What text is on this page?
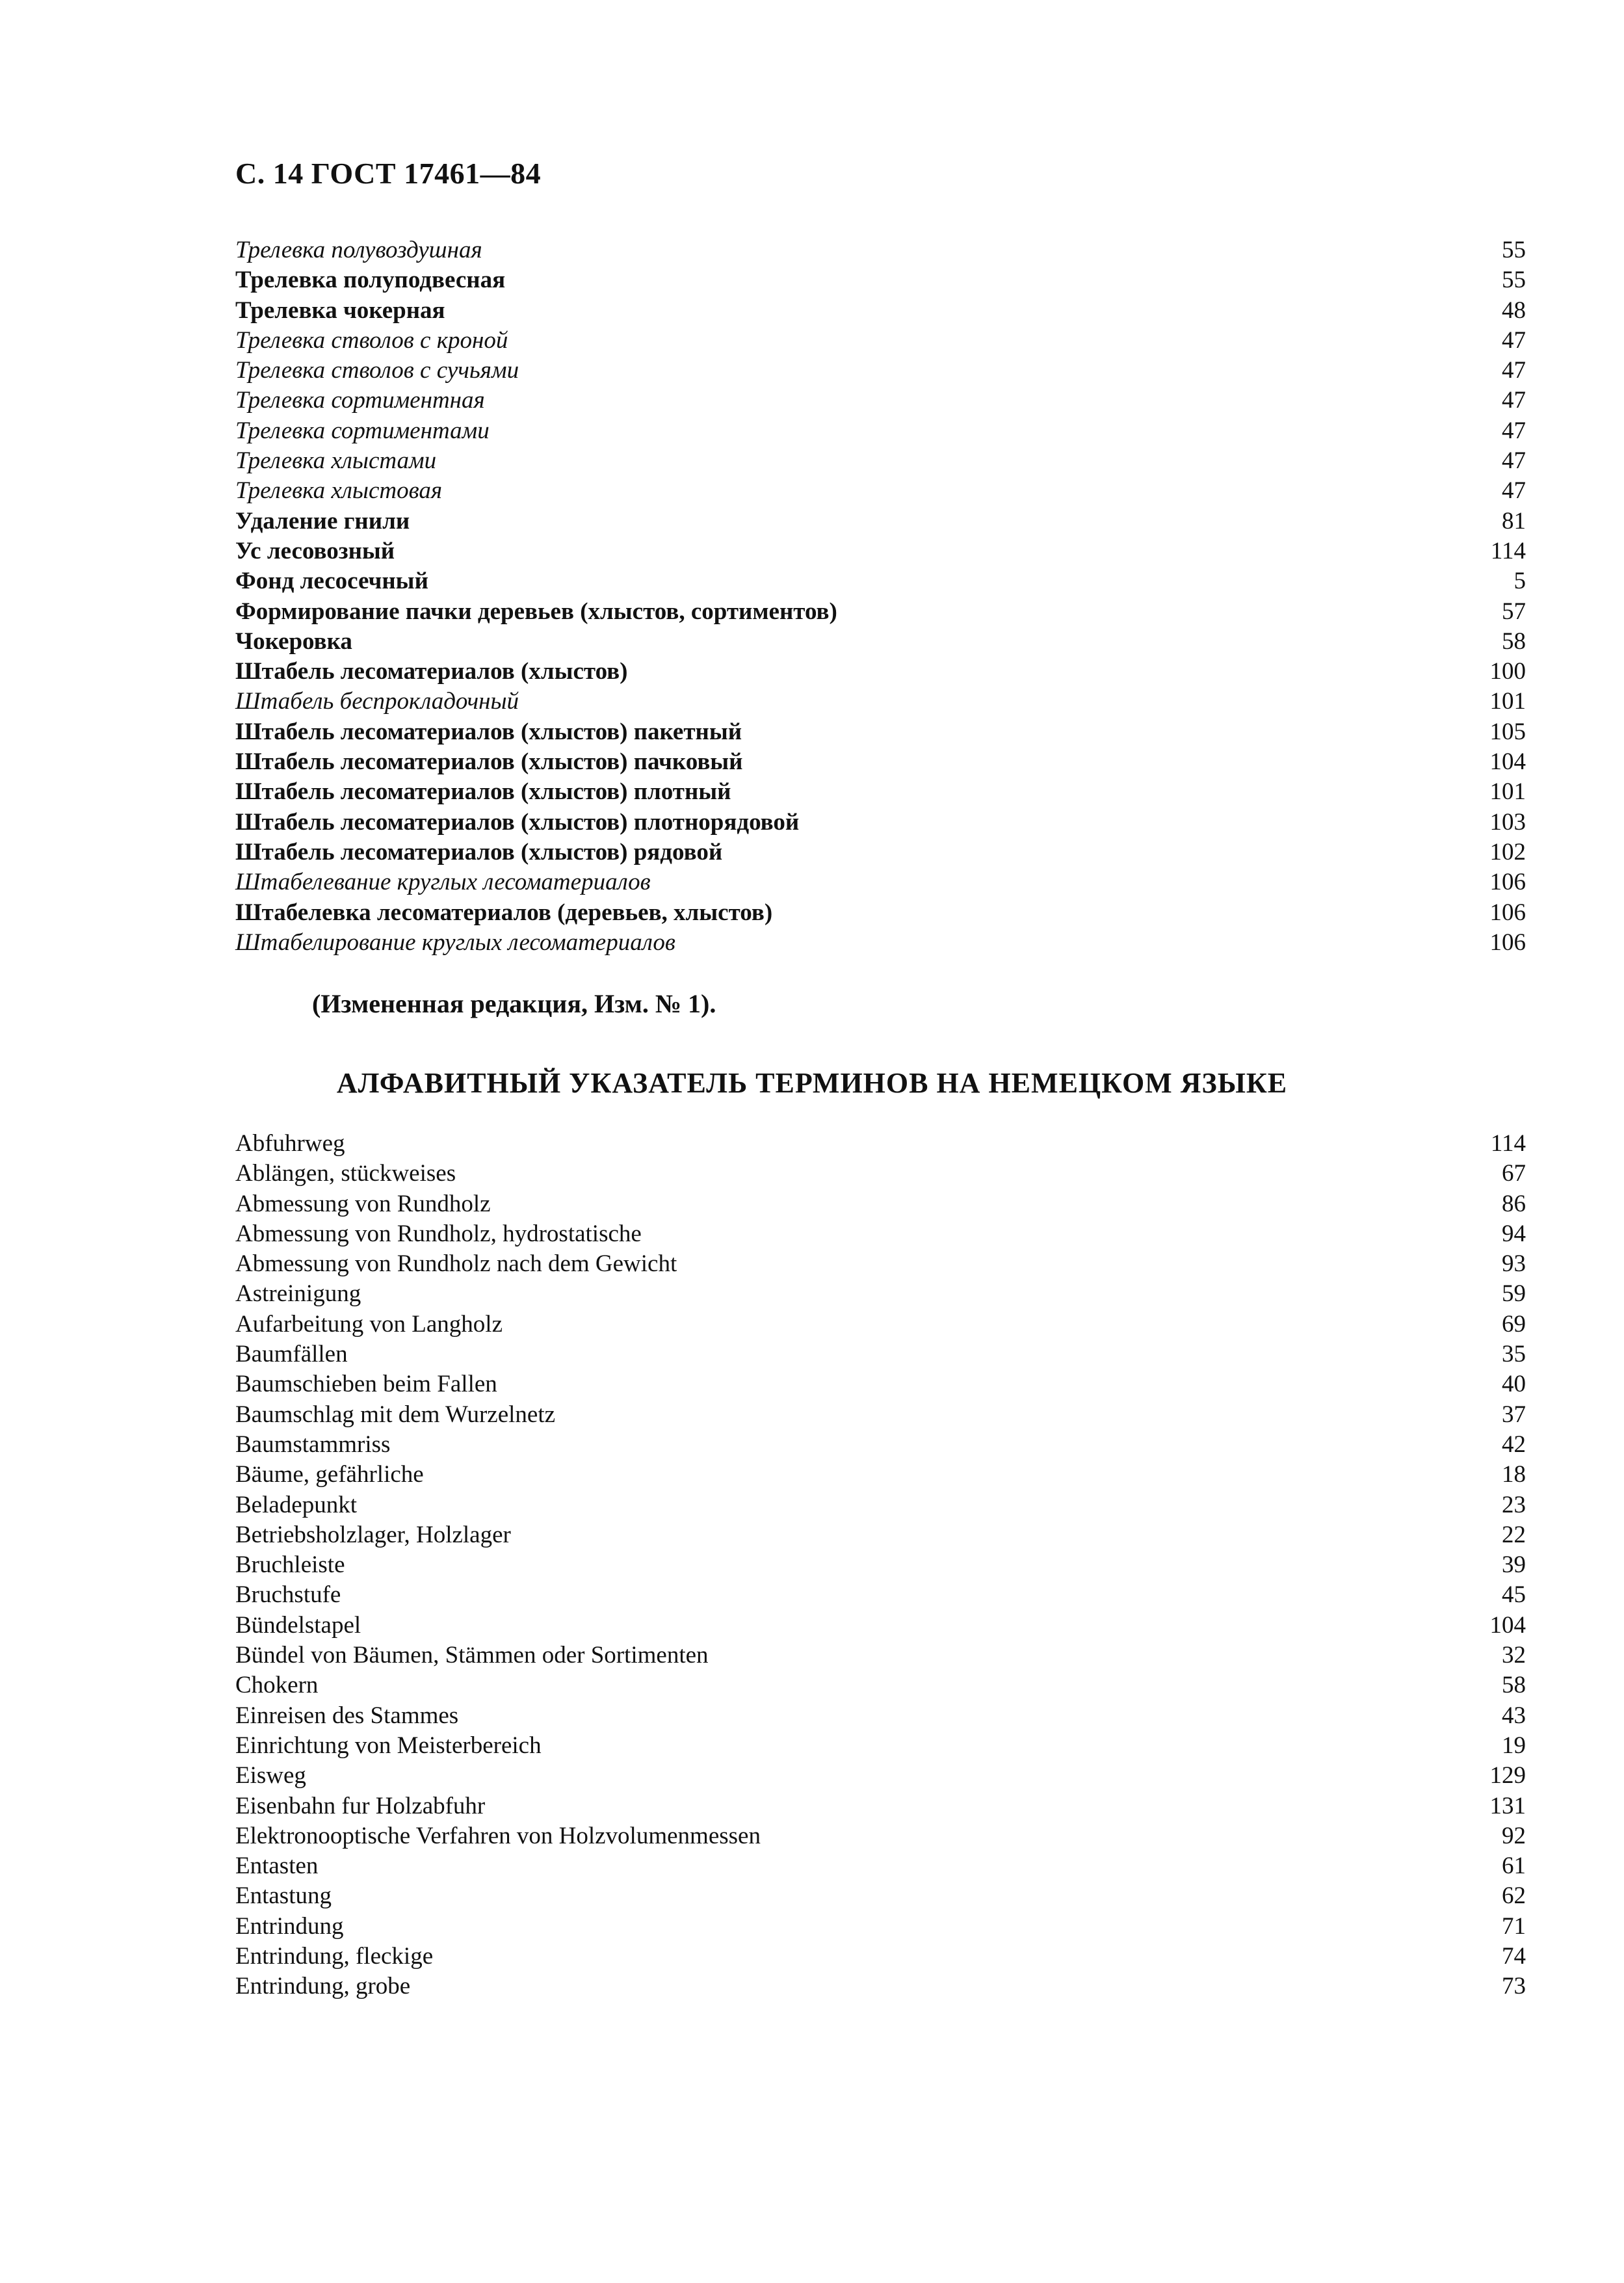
С. 14 ГОСТ 17461—84
Трелевка полувоздушная	55
Трелевка полуподвесная	55
Трелевка чокерная	48
Трелевка стволов с кроной	47
Трелевка стволов с сучьями	47
Трелевка сортиментная	47
Трелевка сортиментами	47
Трелевка хлыстами	47
Трелевка хлыстовая	47
Удаление гнили	81
Ус лесовозный	114
Фонд лесосечный	5
Формирование пачки деревьев (хлыстов, сортиментов)	57
Чокеровка	58
Штабель лесоматериалов (хлыстов)	100
Штабель беспрокладочный	101
Штабель лесоматериалов (хлыстов) пакетный	105
Штабель лесоматериалов (хлыстов) пачковый	104
Штабель лесоматериалов (хлыстов) плотный	101
Штабель лесоматериалов (хлыстов) плотнорядовой	103
Штабель лесоматериалов (хлыстов) рядовой	102
Штабелевание круглых лесоматериалов	106
Штабелевка лесоматериалов (деревьев, хлыстов)	106
Штабелирование круглых лесоматериалов	106
(Измененная редакция, Изм. № 1).
АЛФАВИТНЫЙ УКАЗАТЕЛЬ ТЕРМИНОВ НА НЕМЕЦКОМ ЯЗЫКЕ
Abfuhrweg	114
Ablängen, stückweises	67
Abmessung von Rundholz	86
Abmessung von Rundholz, hydrostatische	94
Abmessung von Rundholz nach dem Gewicht	93
Astreinigung	59
Aufarbeitung von Langholz	69
Baumfällen	35
Baumschieben beim Fallen	40
Baumschlag mit dem Wurzelnetz	37
Baumstammriss	42
Bäume, gefährliche	18
Beladepunkt	23
Betriebsholzlager, Holzlager	22
Bruchleiste	39
Bruchstufe	45
Bündelstapel	104
Bündel von Bäumen, Stämmen oder Sortimenten	32
Chokern	58
Einreisen des Stammes	43
Einrichtung von Meisterbereich	19
Eisweg	129
Eisenbahn fur Holzabfuhr	131
Elektronooptische Verfahren von Holzvolumenmessen	92
Entasten	61
Entastung	62
Entrindung	71
Entrindung, fleckige	74
Entrindung, grobe	73
